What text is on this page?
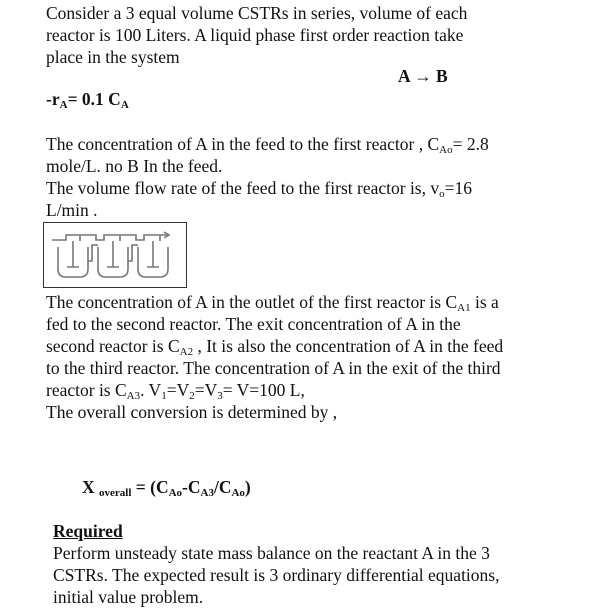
Consider a 3 equal volume CSTRs in series, volume of each
reactor is 100 Liters. A liquid phase first order reaction take
place in the system
A → B
$-r_A= 0.1$ $C_A$
The concentration of A in the feed to the first reactor , $C_{Ao}= 2.8$
mole/L. no B In the feed.
The volume flow rate of the feed to the first reactor is, $v_o=16$
L/min .
The concentration of A in the outlet of the first reactor is $C_{A1}$ is a
fed to the second reactor. The exit concentration of A in the
second reactor is $C_{A2}$ , It is also the concentration of A in the feed
to the third reactor. The concentration of A in the exit of the third
reactor is $C_{A3}$. $V_1=V_2=V_3= V=100$ L,
The overall conversion is determined by ,
X $_{overall} = (C_{Ao}-C_{A3}/C_{Ao})$
Required
Perform unsteady state mass balance on the reactant A in the 3
CSTRs. The expected result is 3 ordinary differential equations,
initial value problem.
